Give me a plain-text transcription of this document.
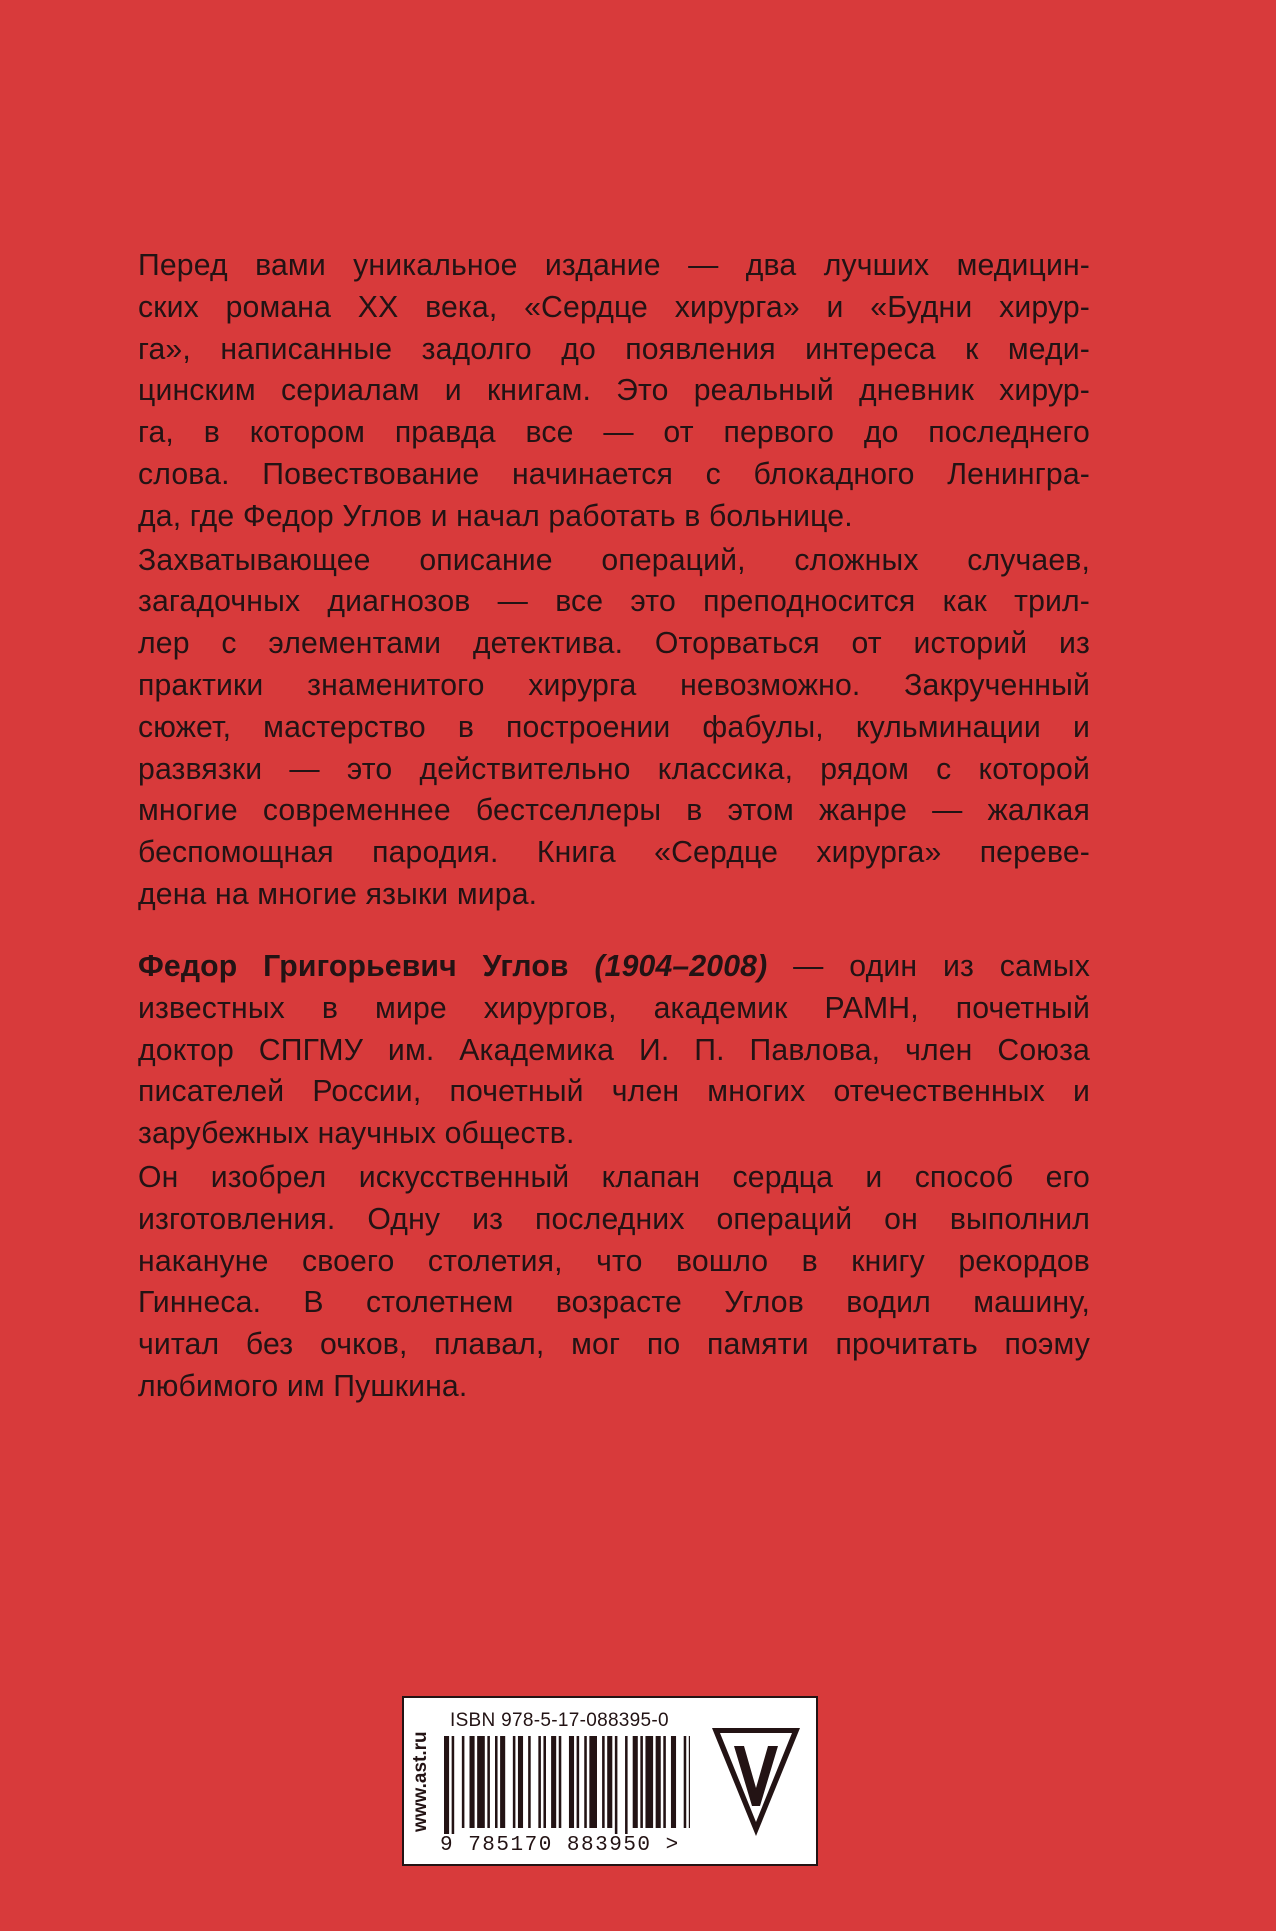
Перед вами уникальное издание — два лучших медицин-
ских романа XX века, «Сердце хирурга» и «Будни хирур-
га», написанные задолго до появления интереса к меди-
цинским сериалам и книгам. Это реальный дневник хирур-
га, в котором правда все — от первого до последнего
слова. Повествование начинается с блокадного Ленингра-
да, где Федор Углов и начал работать в больнице.
Захватывающее описание операций, сложных случаев,
загадочных диагнозов — все это преподносится как трил-
лер с элементами детектива. Оторваться от историй из
практики знаменитого хирурга невозможно. Закрученный
сюжет, мастерство в построении фабулы, кульминации и
развязки — это действительно классика, рядом с которой
многие современнее бестселлеры в этом жанре — жалкая
беспомощная пародия. Книга «Сердце хирурга» переве-
дена на многие языки мира.
Федор Григорьевич Углов (1904–2008) — один из самых
известных в мире хирургов, академик РАМН, почетный
доктор СПГМУ им. Академика И. П. Павлова, член Союза
писателей России, почетный член многих отечественных и
зарубежных научных обществ.
Он изобрел искусственный клапан сердца и способ его
изготовления. Одну из последних операций он выполнил
накануне своего столетия, что вошло в книгу рекордов
Гиннеса. В столетнем возрасте Углов водил машину,
читал без очков, плавал, мог по памяти прочитать поэму
любимого им Пушкина.
www.ast.ru
ISBN 978-5-17-088395-0
9 785170 883950 >
